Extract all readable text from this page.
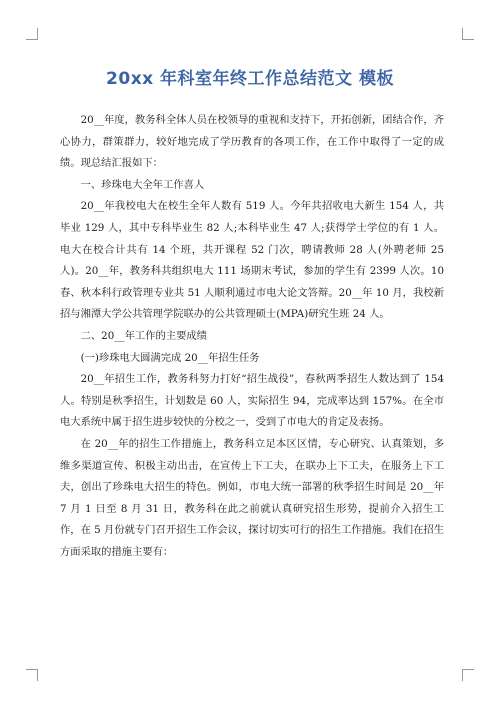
20xx 年科室年终工作总结范文 模板

20__年度，教务科全体人员在校领导的重视和支持下，开拓创新，团结合作，齐心协力，群策群力，较好地完成了学历教育的各项工作，在工作中取得了一定的成绩。现总结汇报如下：

一、珍珠电大全年工作喜人

20__年我校电大在校生全年人数有 519 人。今年共招收电大新生 154 人，共毕业 129 人，其中专科毕业生 82 人;本科毕业生 47 人;获得学士学位的有 1 人。电大在校合计共有 14 个班，共开课程 52 门次，聘请教师 28 人(外聘老师 25 人)。20__年，教务科共组织电大 111 场期末考试，参加的学生有 2399 人次。10 春、秋本科行政管理专业共 51 人顺利通过市电大论文答辩。20__年 10 月，我校新招与湘潭大学公共管理学院联办的公共管理硕士(MPA)研究生班 24 人。

二、20__年工作的主要成绩

(一)珍珠电大圆满完成 20__年招生任务

20__年招生工作，教务科努力打好“招生战役”，春秋两季招生人数达到了 154 人。特别是秋季招生，计划数是 60 人，实际招生 94，完成率达到 157%。在全市电大系统中属于招生进步较快的分校之一，受到了市电大的肯定及表扬。

在 20__年的招生工作措施上，教务科立足本区区情，专心研究、认真策划，多维多渠道宣传、积极主动出击，在宣传上下工夫，在联办上下工夫，在服务上下工夫，创出了珍珠电大招生的特色。例如，市电大统一部署的秋季招生时间是 20__年 7 月 1 日至 8 月 31 日，教务科在此之前就认真研究招生形势，提前介入招生工作，在 5 月份就专门召开招生工作会议，探讨切实可行的招生工作措施。我们在招生方面采取的措施主要有：
